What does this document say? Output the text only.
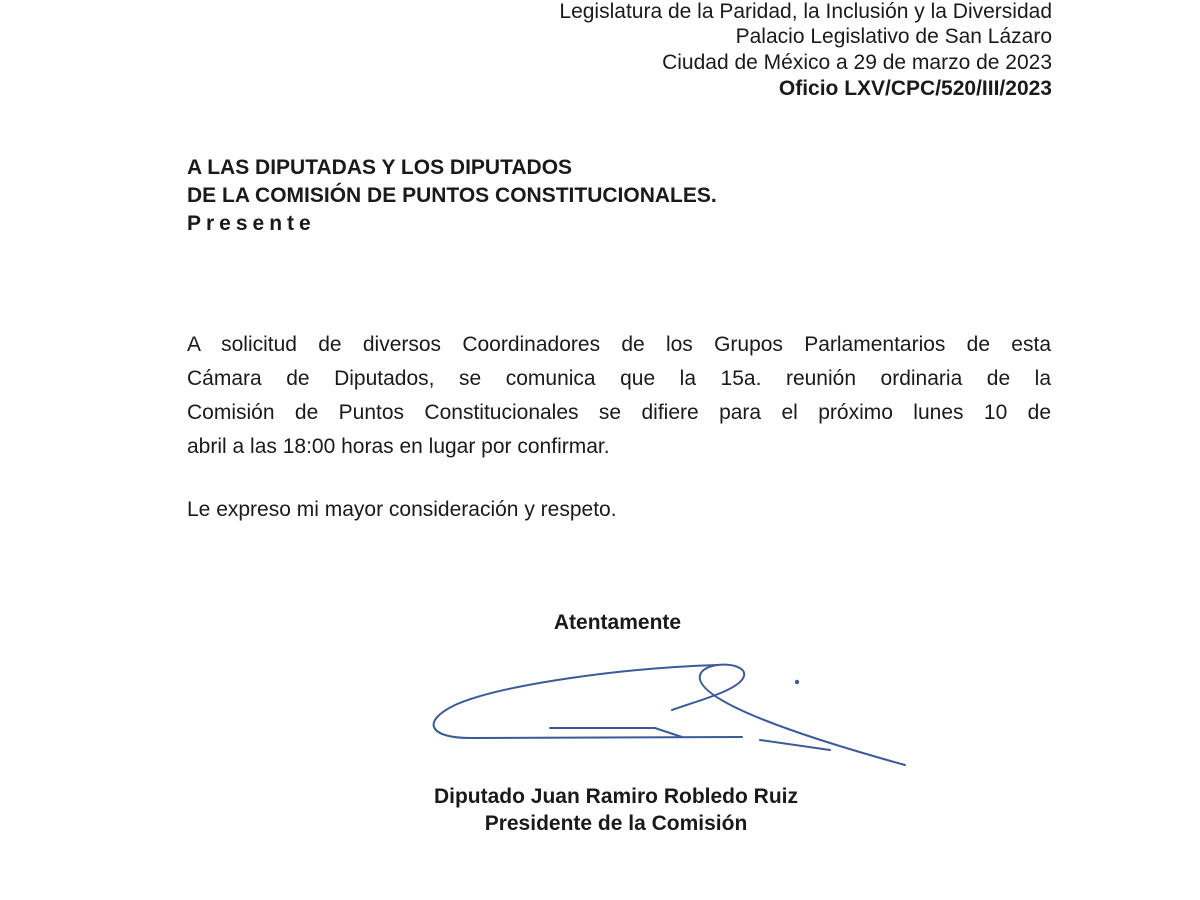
Legislatura de la Paridad, la Inclusión y la Diversidad
Palacio Legislativo de San Lázaro
Ciudad de México a 29 de marzo de 2023
Oficio LXV/CPC/520/III/2023
A LAS DIPUTADAS Y LOS DIPUTADOS
DE LA COMISIÓN DE PUNTOS CONSTITUCIONALES.
Presente
A solicitud de diversos Coordinadores de los Grupos Parlamentarios de esta
Cámara de Diputados, se comunica que la 15a. reunión ordinaria de la
Comisión de Puntos Constitucionales se difiere para el próximo lunes 10 de
abril a las 18:00 horas en lugar por confirmar.
Le expreso mi mayor consideración y respeto.
Atentamente
Diputado Juan Ramiro Robledo Ruiz
Presidente de la Comisión
